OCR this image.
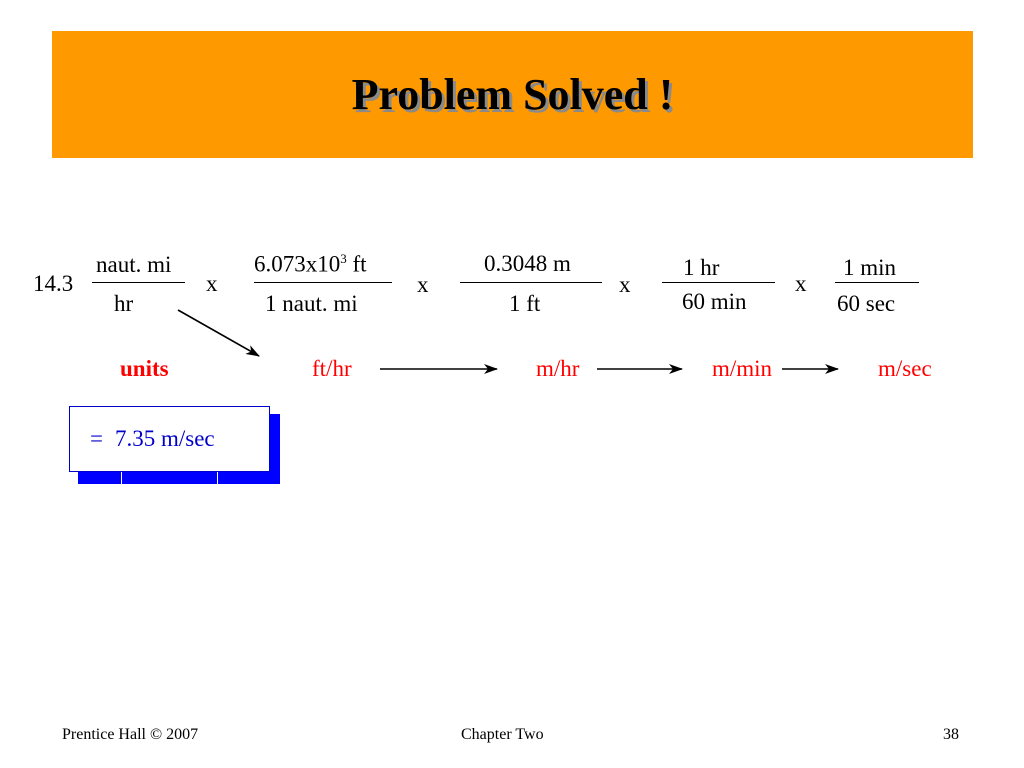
Problem Solved !
14.3
naut. mi
hr
x
$6.073x10^3$ ft
1 naut. mi
x
0.3048 m
1 ft
x
1 hr
60 min
x
1 min
60 sec
units	ft/hr	m/hr	m/min	m/sec
= 7.35 m/sec
Prentice Hall © 2007	Chapter Two	38
